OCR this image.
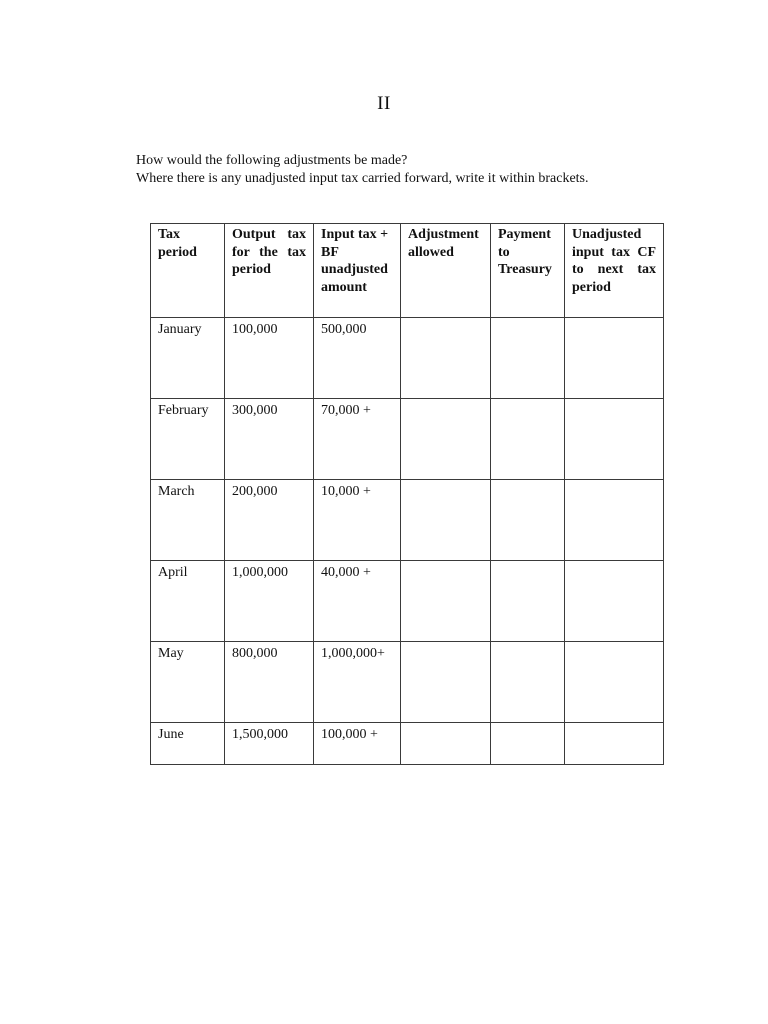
II

How would the following adjustments be made?

Where there is any unadjusted input tax carried forward, write it within brackets.

Tax period	Output tax for the tax period	Input tax + BF unadjusted amount	Adjustment allowed	Payment to Treasury	Unadjusted input tax CF to next tax period
January	100,000	500,000			
February	300,000	70,000 +			
March	200,000	10,000 +			
April	1,000,000	40,000 +			
May	800,000	1,000,000+			
June	1,500,000	100,000 +			
